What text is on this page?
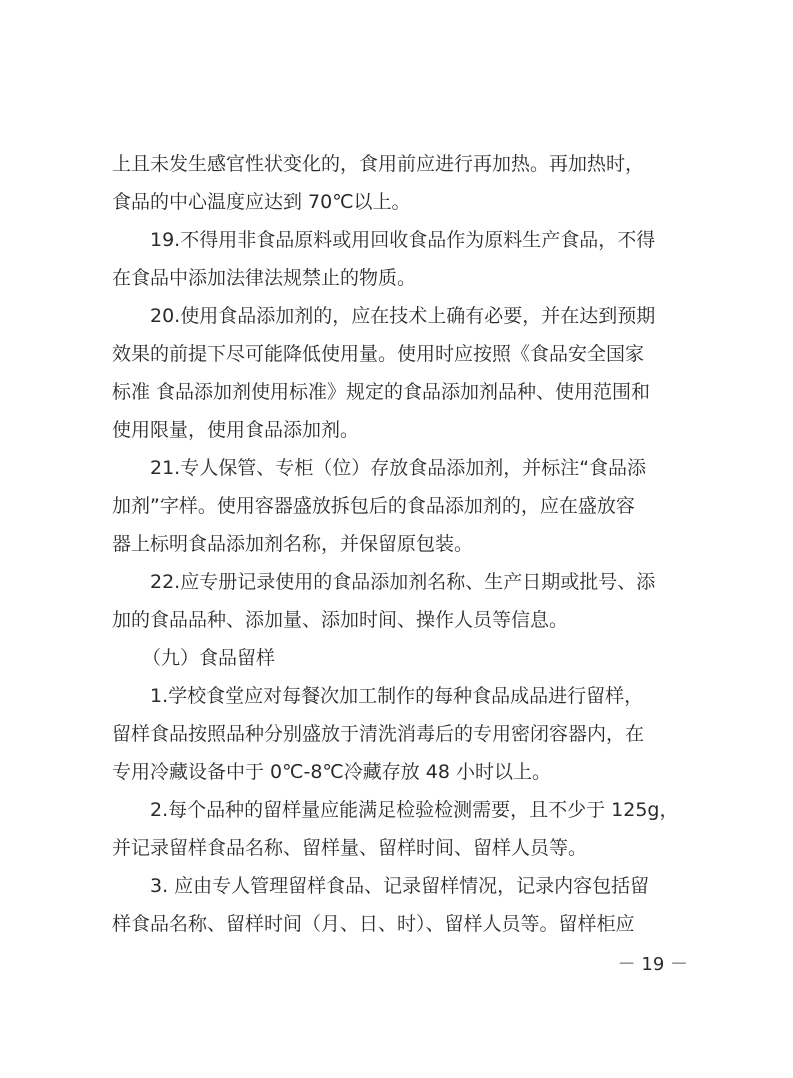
上且未发生感官性状变化的，食用前应进行再加热。再加热时，
食品的中心温度应达到 70℃以上。
19.不得用非食品原料或用回收食品作为原料生产食品，不得
在食品中添加法律法规禁止的物质。
20.使用食品添加剂的，应在技术上确有必要，并在达到预期
效果的前提下尽可能降低使用量。使用时应按照《食品安全国家
标准 食品添加剂使用标准》规定的食品添加剂品种、使用范围和
使用限量，使用食品添加剂。
21.专人保管、专柜（位）存放食品添加剂，并标注“食品添
加剂”字样。使用容器盛放拆包后的食品添加剂的，应在盛放容
器上标明食品添加剂名称，并保留原包装。
22.应专册记录使用的食品添加剂名称、生产日期或批号、添
加的食品品种、添加量、添加时间、操作人员等信息。
（九）食品留样
1.学校食堂应对每餐次加工制作的每种食品成品进行留样，
留样食品按照品种分别盛放于清洗消毒后的专用密闭容器内，在
专用冷藏设备中于 0℃-8℃冷藏存放 48 小时以上。
2.每个品种的留样量应能满足检验检测需要，且不少于 125g，
并记录留样食品名称、留样量、留样时间、留样人员等。
3. 应由专人管理留样食品、记录留样情况，记录内容包括留
样食品名称、留样时间（月、日、时）、留样人员等。留样柜应
－ 19 －
